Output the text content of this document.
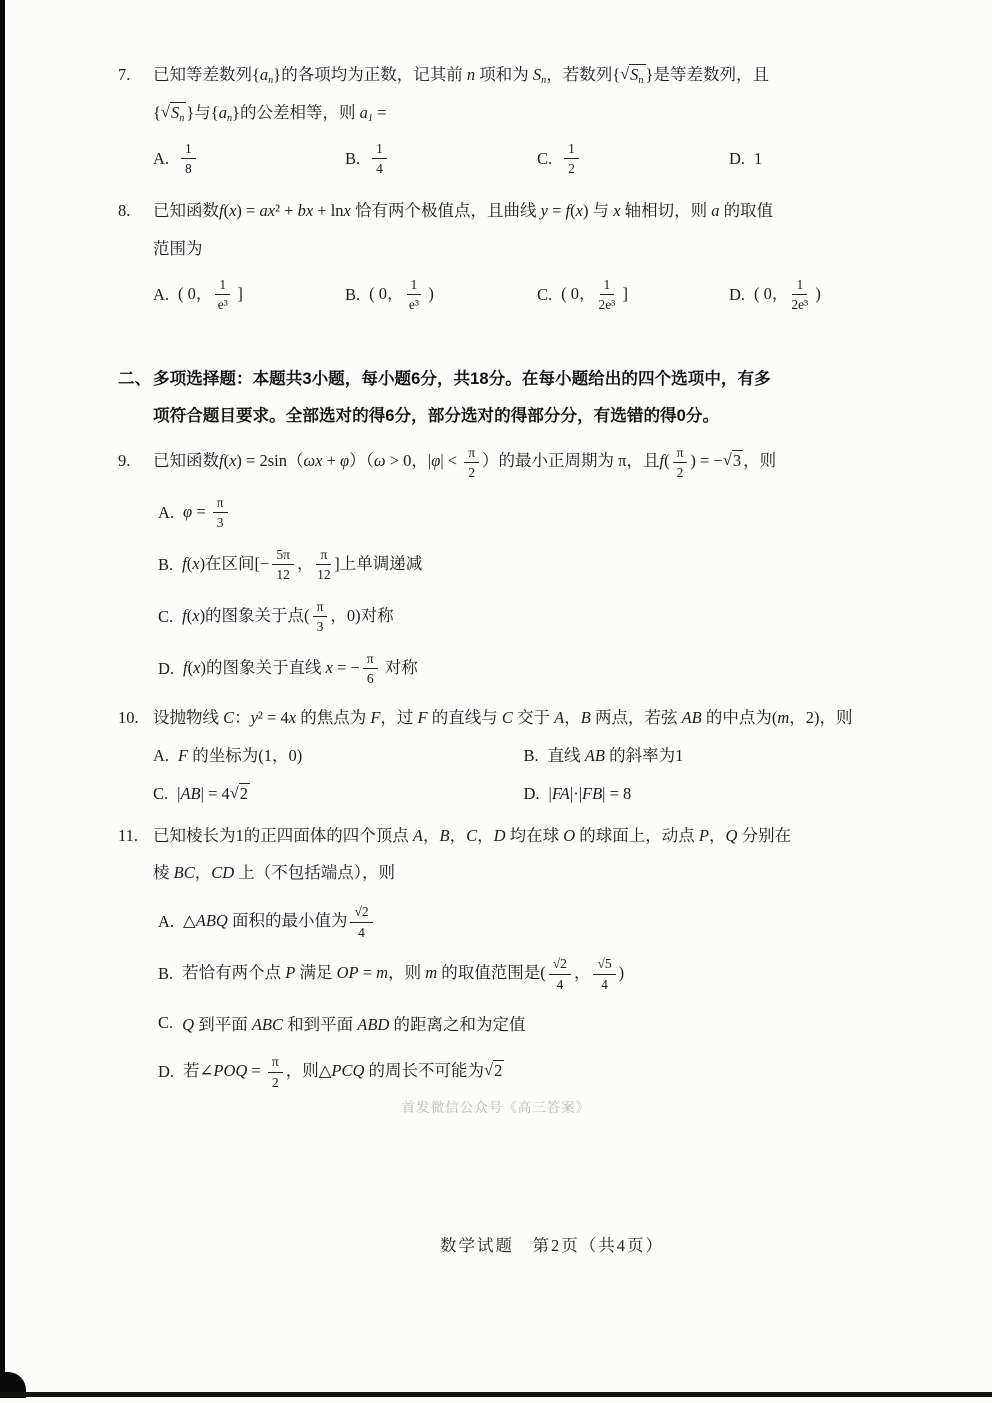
7.	已知等差数列$\{a_n\}$的各项均为正数，记其前 n 项和为 $S_n$，若数列{$√S_n$ }是等差数列，且
{$√S_n$ }与$\{a_n\}$的公差相等，则 $a_1$ =
A. $\frac{1}{8}$	B. $\frac{1}{4}$	C. $\frac{1}{2}$	D. 1
8.	已知函数f(x) = ax² + bx + lnx 恰有两个极值点，且曲线 y = f(x) 与 x 轴相切，则 a 的取值
范围为
A. ( 0， $\frac{1}{\text{e³}}$ ]	B. ( 0， $\frac{1}{\text{e³}}$ )	C. ( 0， $\frac{1}{\text{2e³}}$ ]	D. ( 0， $\frac{1}{\text{2e³}}$ )
二、 多项选择题：本题共3小题，每小题6分，共18分。在每小题给出的四个选项中，有多
项符合题目要求。全部选对的得6分，部分选对的得部分分，有选错的得0分。
9.	已知函数f(x) = 2sin（ωx + φ）（ω > 0，$|\varphi| < \frac{\pi}{2}$ ）的最小正周期为 π，且$f( \frac{\pi}{2}$ ) = −√3 ，则
A. $\varphi = \frac{\pi}{3}$
B. f(x)在区间[− $\frac{5\pi}{12}$ ， $\frac{\pi}{12}$ ]上单调递减
C. f(x)的图象关于点( $\frac{\pi}{3}$ ，0)对称
D. f(x)的图象关于直线 x = − $\frac{\pi}{6}$ 对称
10. 设抛物线 C：y² = 4x 的焦点为 F，过 F 的直线与 C 交于 A，B 两点，若弦 AB 的中点为(m，2)，则
A. F 的坐标为(1，0)	B. 直线 AB 的斜率为1
C. |AB| = 4√2	D. |FA|·|FB| = 8
11. 已知棱长为1的正四面体的四个顶点 A，B，C，D 均在球 O 的球面上，动点 P，Q 分别在
棱 BC，CD 上（不包括端点），则
A. △ABQ 面积的最小值为 $\frac{√2}{4}$
B. 若恰有两个点 P 满足 OP = m，则 m 的取值范围是( $\frac{√2}{4}$ ， $\frac{√5}{4}$ )
C. Q 到平面 ABC 和到平面 ABD 的距离之和为定值
D. 若∠POQ = $\frac{\pi}{2}$ ，则△PCQ 的周长不可能为√2
首发微信公众号《高三答案》
数学试题　第2页（共4页）
